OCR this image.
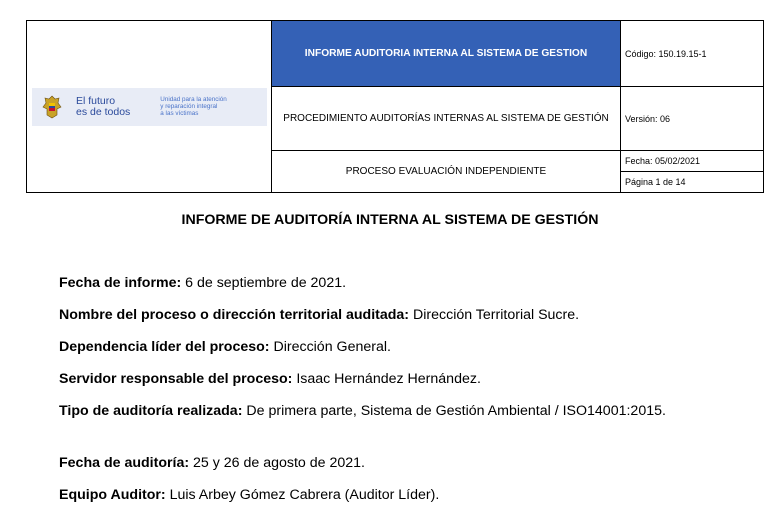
El futuro
es de todos
Unidad para la atención
y reparación integral
a las víctimas	INFORME AUDITORIA INTERNA AL SISTEMA DE GESTION	Código: 150.19.15-1
	PROCEDIMIENTO AUDITORÍAS INTERNAS AL SISTEMA DE GESTIÓN	Versión: 06
	PROCESO EVALUACIÓN INDEPENDIENTE	Fecha: 05/02/2021
		Página 1 de 14
INFORME DE AUDITORÍA INTERNA AL SISTEMA DE GESTIÓN
Fecha de informe: 6 de septiembre de 2021.
Nombre del proceso o dirección territorial auditada: Dirección Territorial Sucre.
Dependencia líder del proceso: Dirección General.
Servidor responsable del proceso: Isaac Hernández Hernández.
Tipo de auditoría realizada: De primera parte, Sistema de Gestión Ambiental / ISO14001:2015.
Fecha de auditoría: 25 y 26 de agosto de 2021.
Equipo Auditor: Luis Arbey Gómez Cabrera (Auditor Líder).
